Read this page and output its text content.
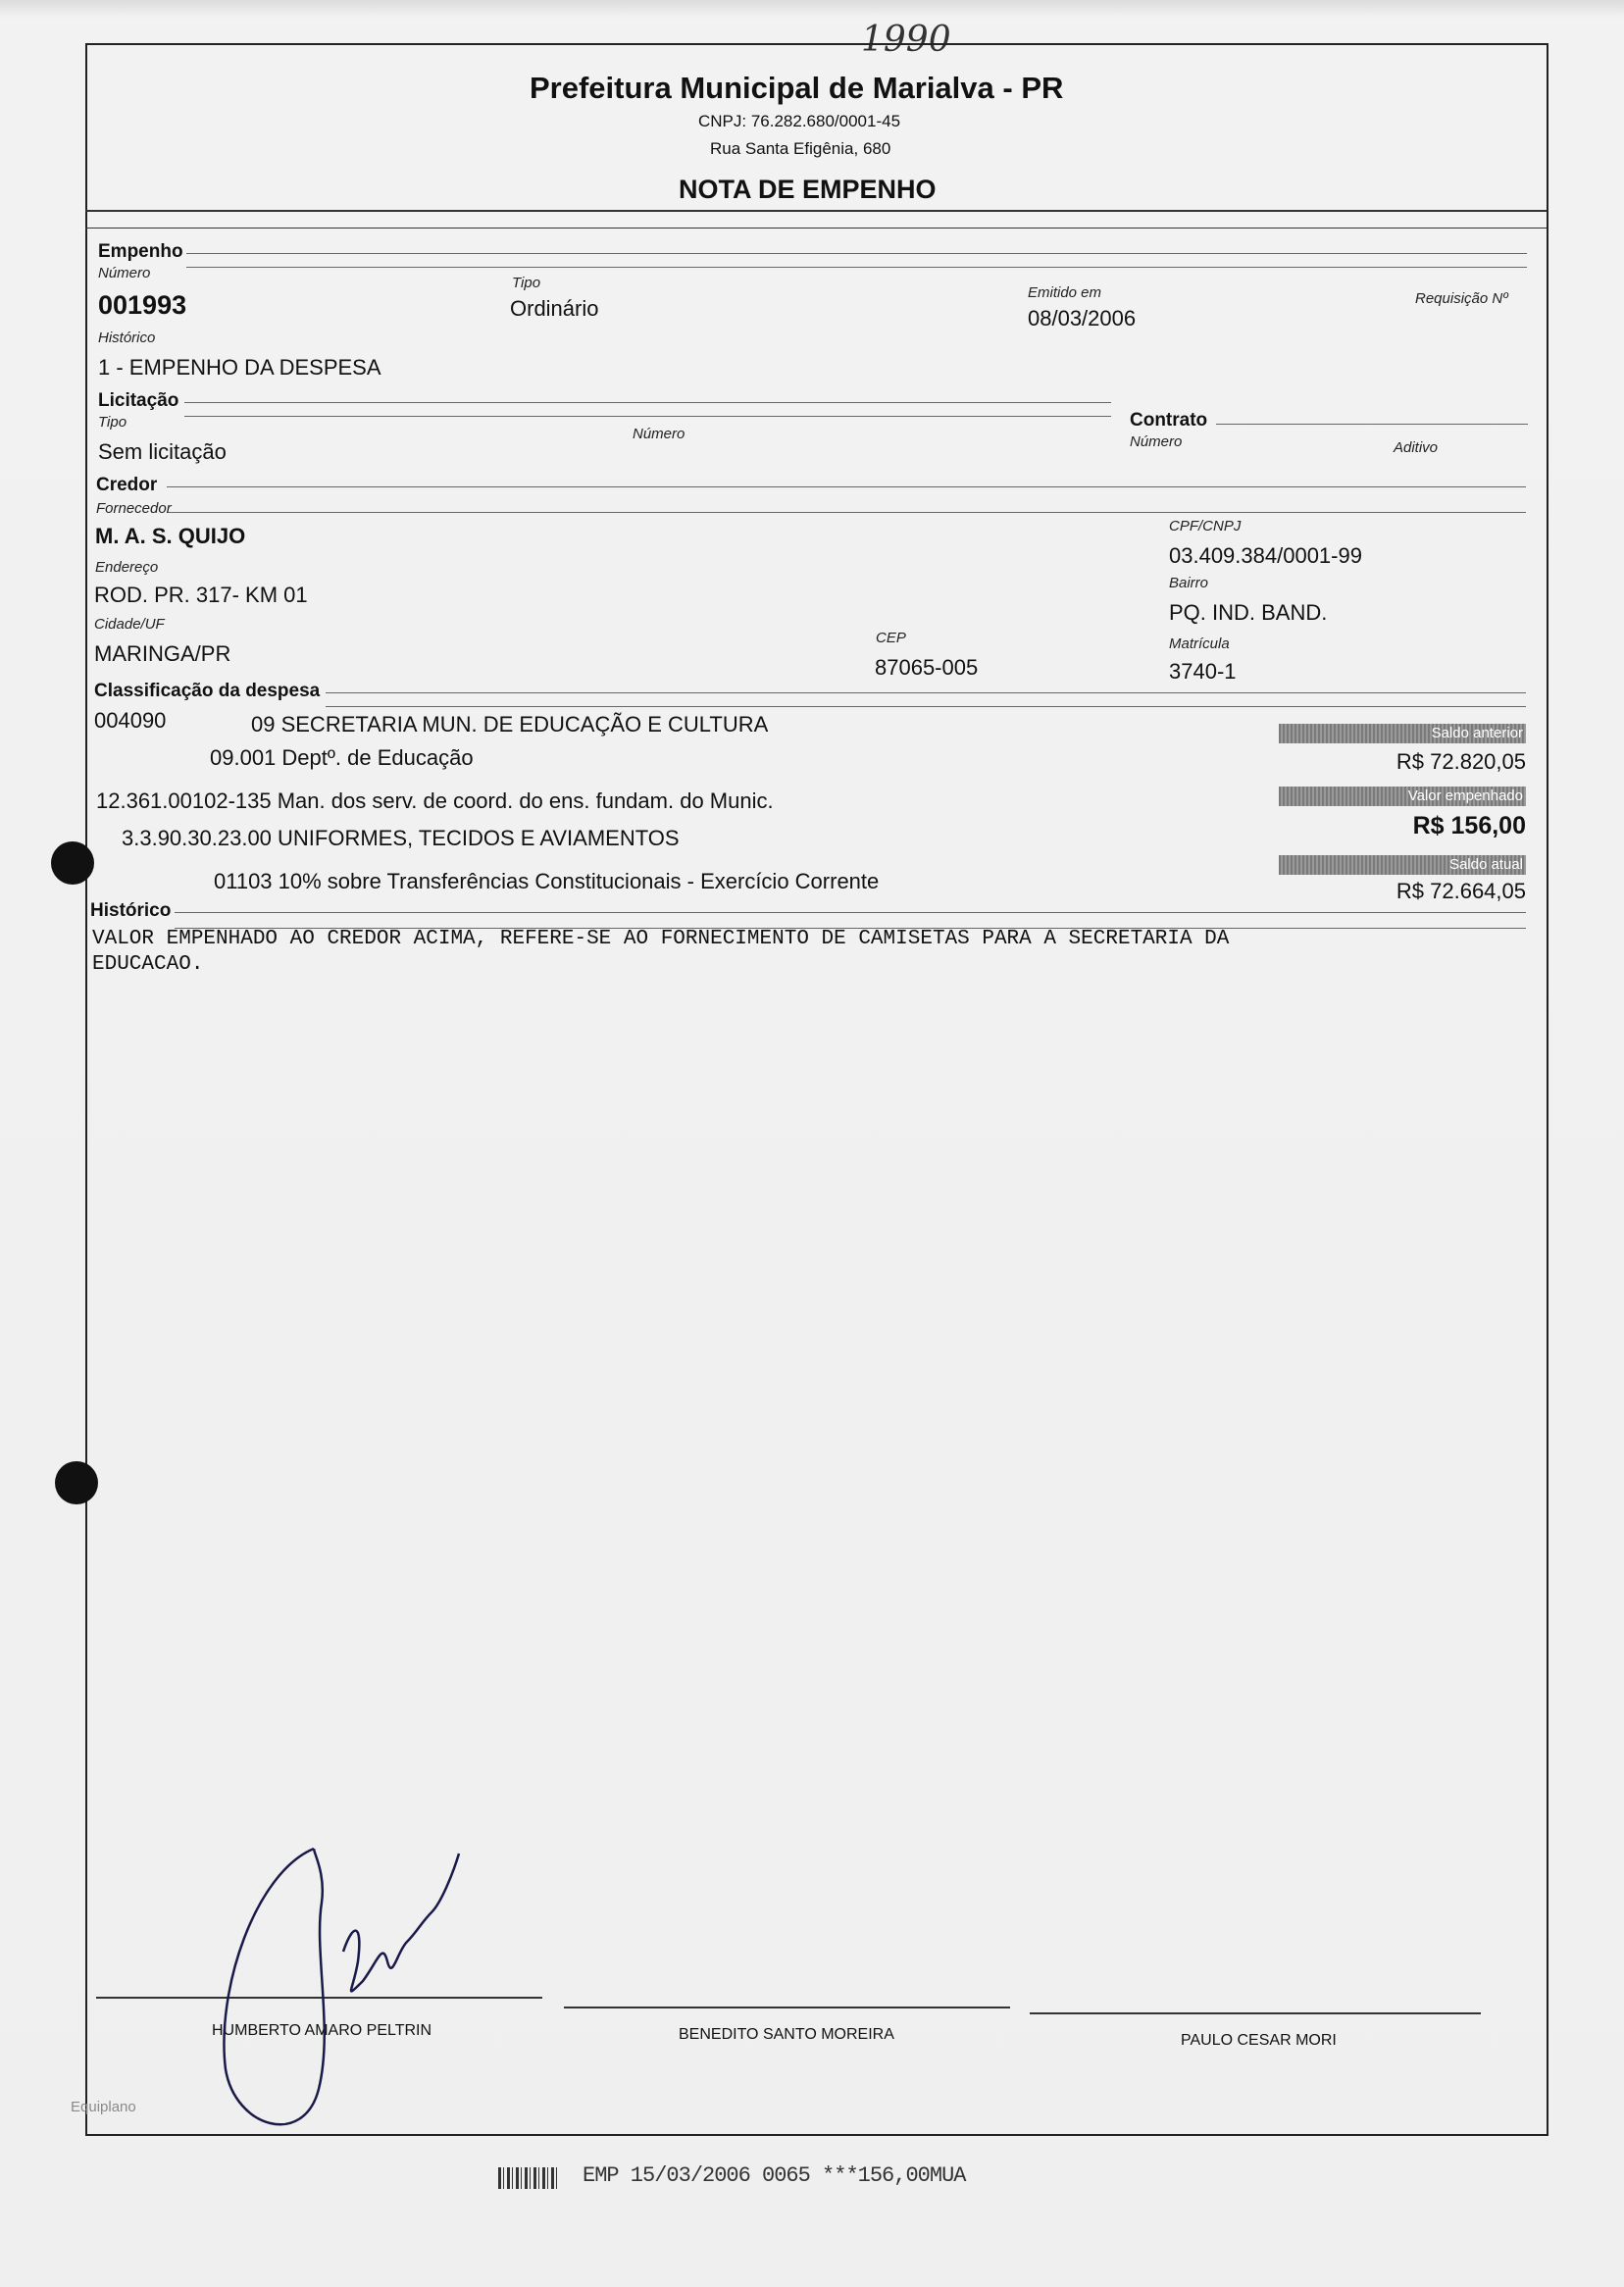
1990
Prefeitura Municipal de Marialva - PR
CNPJ: 76.282.680/0001-45
Rua Santa Efigênia, 680
NOTA DE EMPENHO
Empenho
Número
001993
Tipo
Ordinário
Emitido em
08/03/2006
Requisição Nº
Histórico
1 - EMPENHO DA DESPESA
Licitação
Tipo
Sem licitação
Número
Contrato
Número	Aditivo
Credor
Fornecedor
M. A. S. QUIJO	CPF/CNPJ
03.409.384/0001-99
Endereço
ROD. PR. 317- KM 01	Bairro
PQ. IND. BAND.
Cidade/UF
MARINGA/PR
CEP
87065-005
Matrícula
3740-1
Classificação da despesa
004090	09 SECRETARIA MUN. DE EDUCAÇÃO E CULTURA
09.001 Deptº. de Educação
12.361.00102-135 Man. dos serv. de coord. do ens. fundam. do Munic.
3.3.90.30.23.00 UNIFORMES, TECIDOS E AVIAMENTOS
01103 10% sobre Transferências Constitucionais - Exercício Corrente
Saldo anterior
R$ 72.820,05
Valor empenhado
R$ 156,00
Saldo atual
R$ 72.664,05
Histórico
VALOR EMPENHADO AO CREDOR ACIMA, REFERE-SE AO FORNECIMENTO DE CAMISETAS PARA A SECRETARIA DA
EDUCACAO.
HUMBERTO AMARO PELTRIN	BENEDITO SANTO MOREIRA	PAULO CESAR MORI
Equiplano
EMP 15/03/2006 0065 ***156,00MUA
